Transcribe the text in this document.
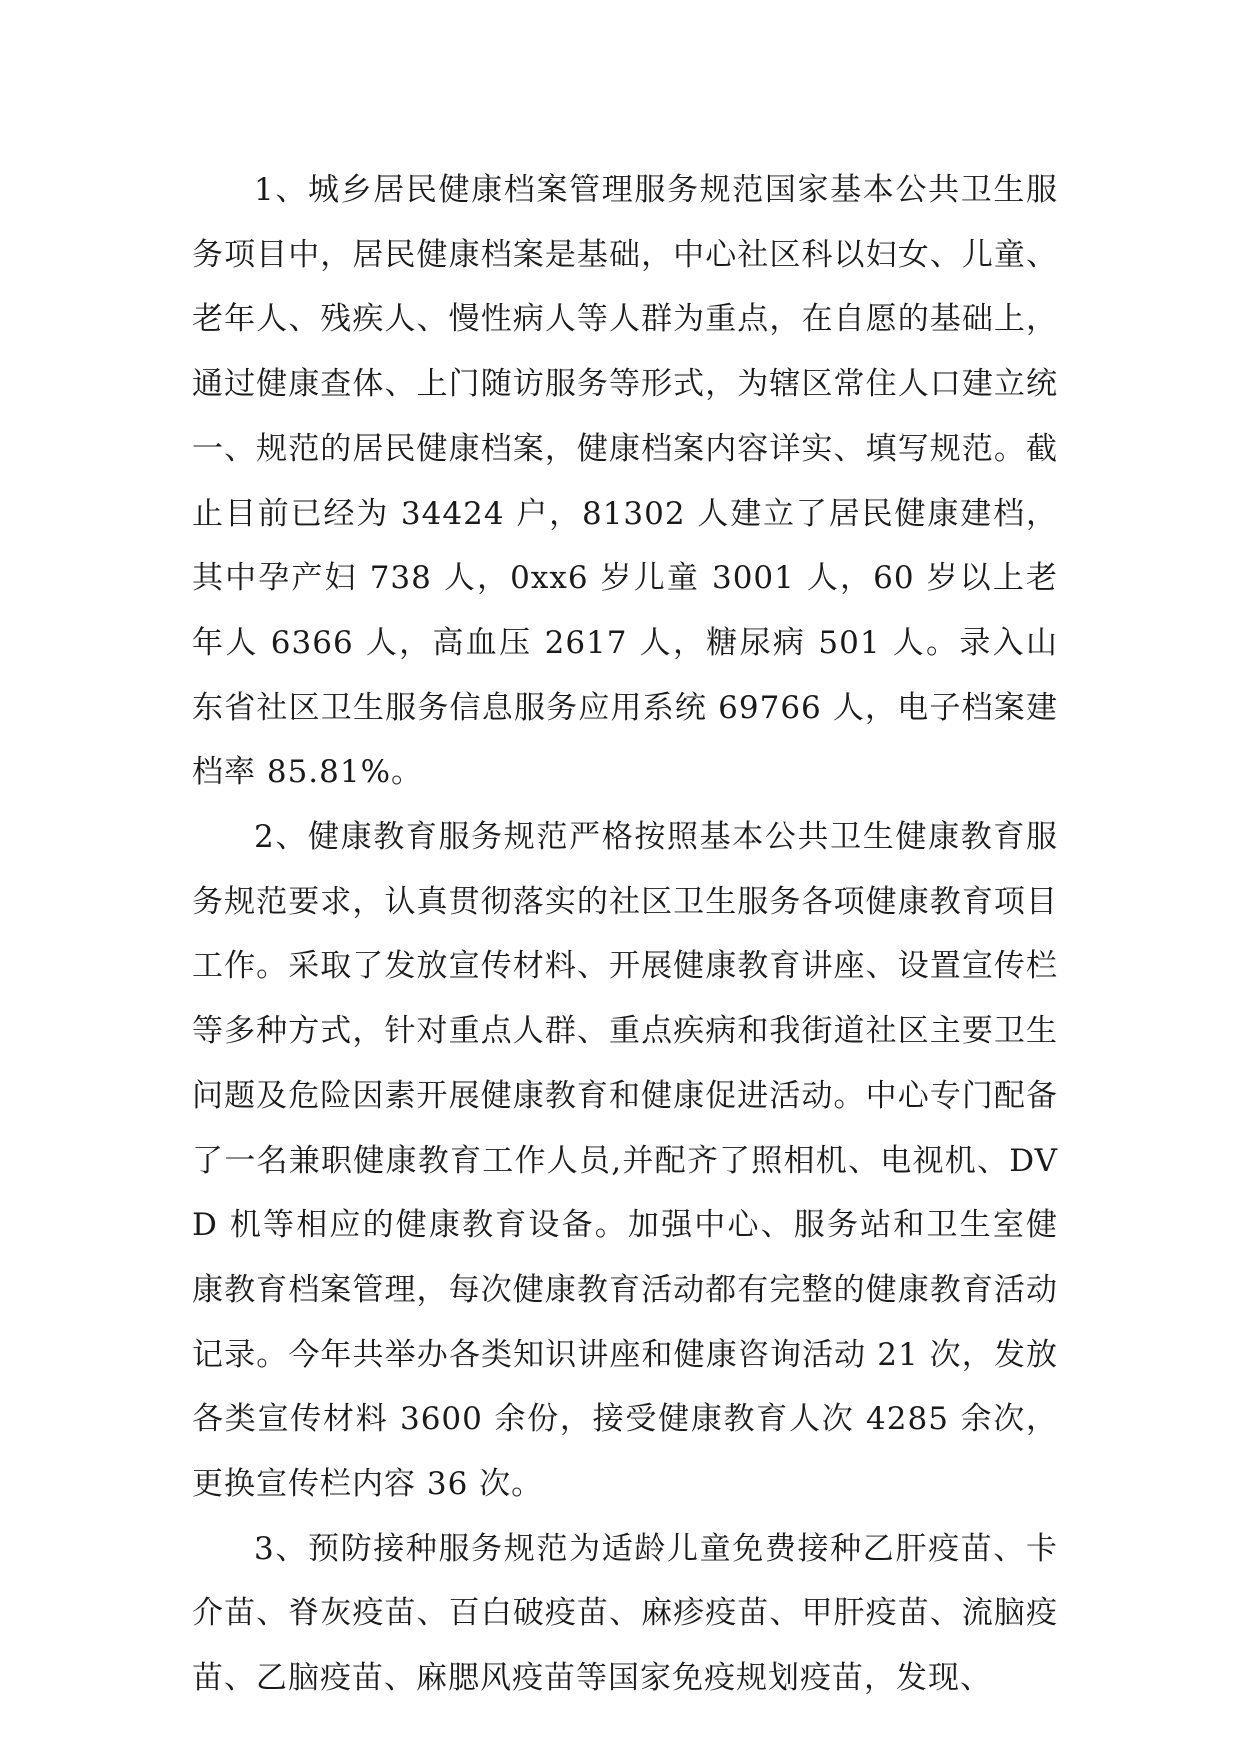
1、城乡居民健康档案管理服务规范国家基本公共卫生服务项目中，居民健康档案是基础，中心社区科以妇女、儿童、老年人、残疾人、慢性病人等人群为重点，在自愿的基础上，通过健康查体、上门随访服务等形式，为辖区常住人口建立统一、规范的居民健康档案，健康档案内容详实、填写规范。截止目前已经为 34424 户，81302 人建立了居民健康建档，其中孕产妇 738 人，0xx6 岁儿童 3001 人，60 岁以上老年人 6366 人，高血压 2617 人，糖尿病 501 人。录入山东省社区卫生服务信息服务应用系统 69766 人，电子档案建档率 85.81%。

2、健康教育服务规范严格按照基本公共卫生健康教育服务规范要求，认真贯彻落实的社区卫生服务各项健康教育项目工作。采取了发放宣传材料、开展健康教育讲座、设置宣传栏等多种方式，针对重点人群、重点疾病和我街道社区主要卫生问题及危险因素开展健康教育和健康促进活动。中心专门配备了一名兼职健康教育工作人员,并配齐了照相机、电视机、DVD 机等相应的健康教育设备。加强中心、服务站和卫生室健康教育档案管理，每次健康教育活动都有完整的健康教育活动记录。今年共举办各类知识讲座和健康咨询活动 21 次，发放各类宣传材料 3600 余份，接受健康教育人次 4285 余次，更换宣传栏内容 36 次。

3、预防接种服务规范为适龄儿童免费接种乙肝疫苗、卡介苗、脊灰疫苗、百白破疫苗、麻疹疫苗、甲肝疫苗、流脑疫苗、乙脑疫苗、麻腮风疫苗等国家免疫规划疫苗，发现、
